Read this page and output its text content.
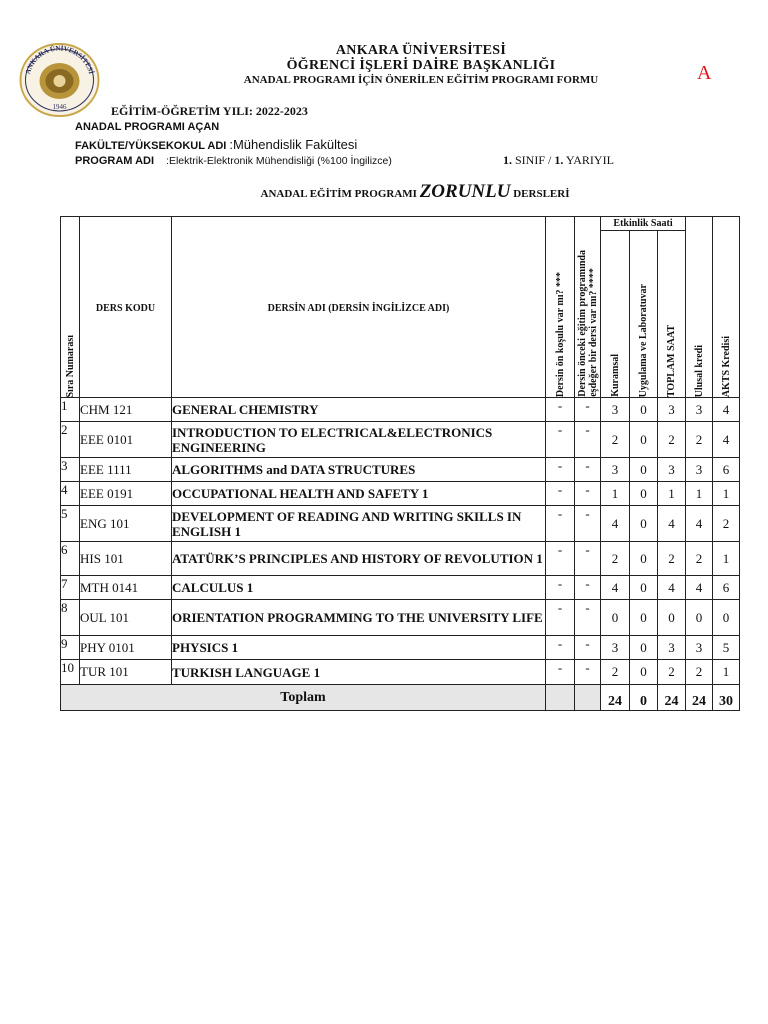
ANKARA ÜNİVERSİTESİ
1946
ANKARA ÜNİVERSİTESİ
ÖĞRENCİ İŞLERİ DAİRE BAŞKANLIĞI
ANADAL PROGRAMI İÇİN ÖNERİLEN EĞİTİM PROGRAMI FORMU	A
EĞİTİM-ÖĞRETİM YILI: 2022-2023
ANADAL PROGRAMI AÇAN
FAKÜLTE/YÜKSEKOKUL ADI :Mühendislik Fakültesi
PROGRAM ADI :Elektrik-Elektronik Mühendisliği (%100 İngilizce)	1. SINIF / 1. YARIYIL
ANADAL EĞİTİM PROGRAMI ZORUNLU DERSLERİ
Sıra Numarası	DERS KODU	DERSİN ADI (DERSİN İNGİLİZCE ADI)	Dersin ön koşulu var mı? ***	Dersin önceki eğitim programında
eşdeğer bir dersi var mı? ****	Etkinlik Saati			Ulusal kredi	AKTS Kredisi

					Kuramsal	Uygulama ve Laboratuvar	TOPLAM SAAT		

1	CHM 121	GENERAL CHEMISTRY	-	-	3	0	3	3	4
2	EEE 0101	INTRODUCTION TO ELECTRICAL&ELECTRONICS ENGINEERING	-	-	2	0	2	2	4
3	EEE 1111	ALGORITHMS and DATA STRUCTURES	-	-	3	0	3	3	6
4	EEE 0191	OCCUPATIONAL HEALTH AND SAFETY 1	-	-	1	0	1	1	1
5	ENG 101	DEVELOPMENT OF READING AND WRITING SKILLS IN ENGLISH 1	-	-	4	0	4	4	2
6	HIS 101	ATATÜRK’S PRINCIPLES AND HISTORY OF REVOLUTION 1	-	-	2	0	2	2	1
7	MTH 0141	CALCULUS 1	-	-	4	0	4	4	6
8	OUL 101	ORIENTATION PROGRAMMING TO THE UNIVERSITY LIFE	-	-	0	0	0	0	0
9	PHY 0101	PHYSICS 1	-	-	3	0	3	3	5
10	TUR 101	TURKISH LANGUAGE 1	-	-	2	0	2	2	1
Toplam					24	0	24	24	30
